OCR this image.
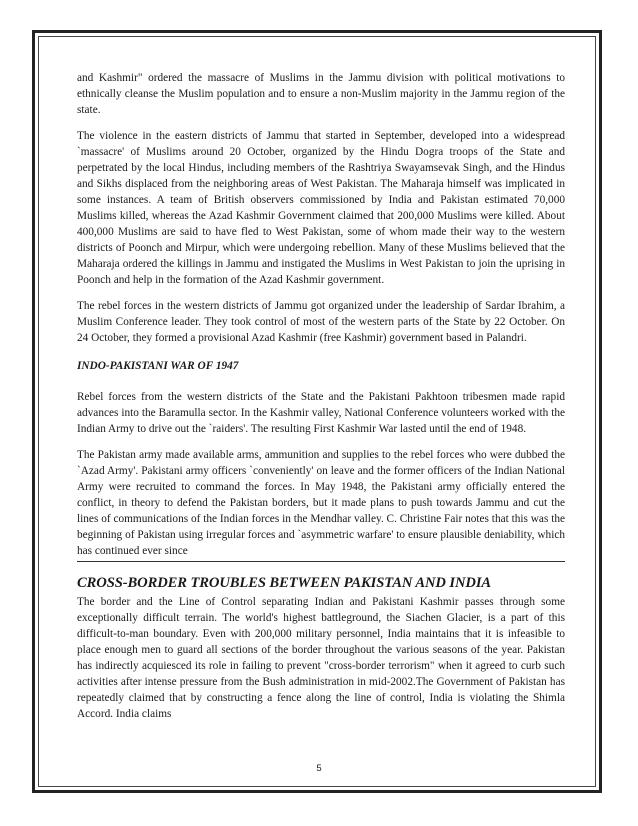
and Kashmir" ordered the massacre of Muslims in the Jammu division with political motivations to ethnically cleanse the Muslim population and to ensure a non-Muslim majority in the Jammu region of the state.

The violence in the eastern districts of Jammu that started in September, developed into a widespread `massacre' of Muslims around 20 October, organized by the Hindu Dogra troops of the State and perpetrated by the local Hindus, including members of the Rashtriya Swayamsevak Singh, and the Hindus and Sikhs displaced from the neighboring areas of West Pakistan. The Maharaja himself was implicated in some instances. A team of British observers commissioned by India and Pakistan estimated 70,000 Muslims killed, whereas the Azad Kashmir Government claimed that 200,000 Muslims were killed. About 400,000 Muslims are said to have fled to West Pakistan, some of whom made their way to the western districts of Poonch and Mirpur, which were undergoing rebellion. Many of these Muslims believed that the Maharaja ordered the killings in Jammu and instigated the Muslims in West Pakistan to join the uprising in Poonch and help in the formation of the Azad Kashmir government.

The rebel forces in the western districts of Jammu got organized under the leadership of Sardar Ibrahim, a Muslim Conference leader. They took control of most of the western parts of the State by 22 October. On 24 October, they formed a provisional Azad Kashmir (free Kashmir) government based in Palandri.

INDO-PAKISTANI WAR OF 1947

Rebel forces from the western districts of the State and the Pakistani Pakhtoon tribesmen made rapid advances into the Baramulla sector. In the Kashmir valley, National Conference volunteers worked with the Indian Army to drive out the `raiders'. The resulting First Kashmir War lasted until the end of 1948.

The Pakistan army made available arms, ammunition and supplies to the rebel forces who were dubbed the `Azad Army'. Pakistani army officers `conveniently' on leave and the former officers of the Indian National Army were recruited to command the forces. In May 1948, the Pakistani army officially entered the conflict, in theory to defend the Pakistan borders, but it made plans to push towards Jammu and cut the lines of communications of the Indian forces in the Mendhar valley. C. Christine Fair notes that this was the beginning of Pakistan using irregular forces and `asymmetric warfare' to ensure plausible deniability, which has continued ever since

CROSS-BORDER TROUBLES BETWEEN PAKISTAN AND INDIA

The border and the Line of Control separating Indian and Pakistani Kashmir passes through some exceptionally difficult terrain. The world's highest battleground, the Siachen Glacier, is a part of this difficult-to-man boundary. Even with 200,000 military personnel, India maintains that it is infeasible to place enough men to guard all sections of the border throughout the various seasons of the year. Pakistan has indirectly acquiesced its role in failing to prevent "cross-border terrorism" when it agreed to curb such activities after intense pressure from the Bush administration in mid-2002.The Government of Pakistan has repeatedly claimed that by constructing a fence along the line of control, India is violating the Shimla Accord. India claims

5
